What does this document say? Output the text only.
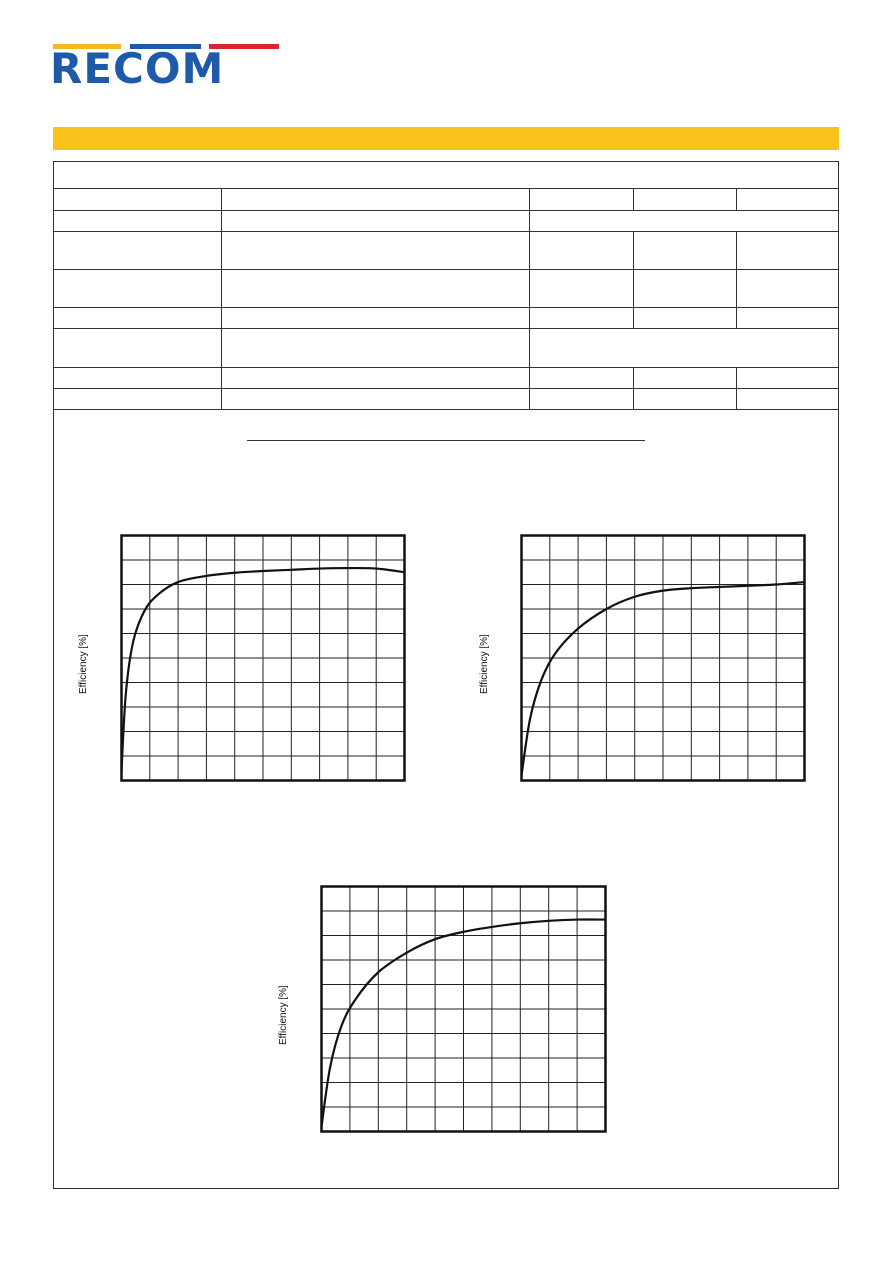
RECOM
Efficiency [%]	Efficiency [%]
Efficiency [%]
